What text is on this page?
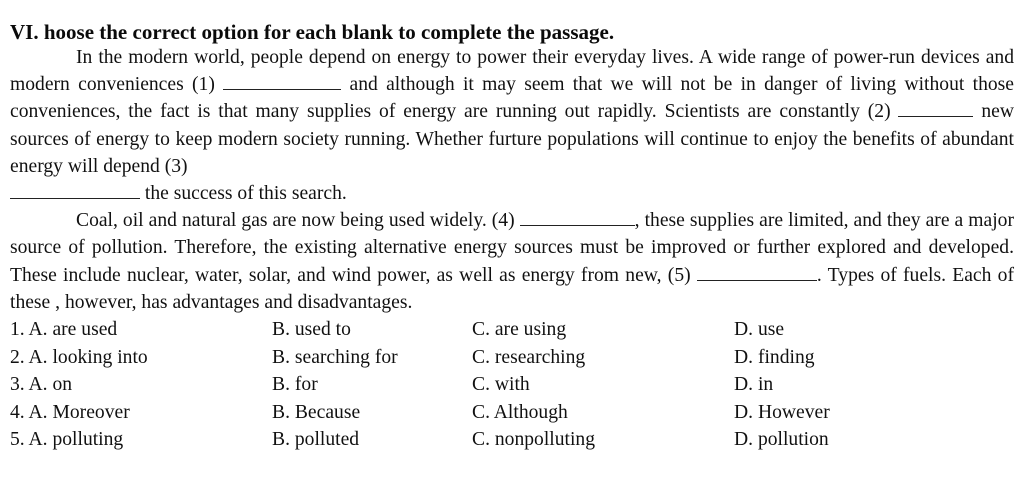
VI. hoose the correct option for each blank to complete the passage.

In the modern world, people depend on energy to power their everyday lives. A wide range of power-run devices and modern conveniences (1)	and although it may seem that we will not be in danger of living without those conveniences, the fact is that many supplies of energy are running out rapidly. Scientists are constantly (2)	new sources of energy to keep modern society running. Whether furture populations will continue to enjoy the benefits of abundant energy will depend (3)
the success of this search.

Coal, oil and natural gas are now being used widely. (4)	, these supplies are limited, and they are a major source of pollution. Therefore, the existing alternative energy sources must be improved or further explored and developed. These include nuclear, water, solar, and wind power, as well as energy from new, (5)	. Types of fuels. Each of these , however, has advantages and disadvantages.

1. A. are used	B. used to	C. are using	D. use
2. A. looking into	B. searching for	C. researching	D. finding
3. A. on	B. for	C. with	D. in
4. A. Moreover	B. Because	C. Although	D. However
5. A. polluting	B. polluted	C. nonpolluting	D. pollution
